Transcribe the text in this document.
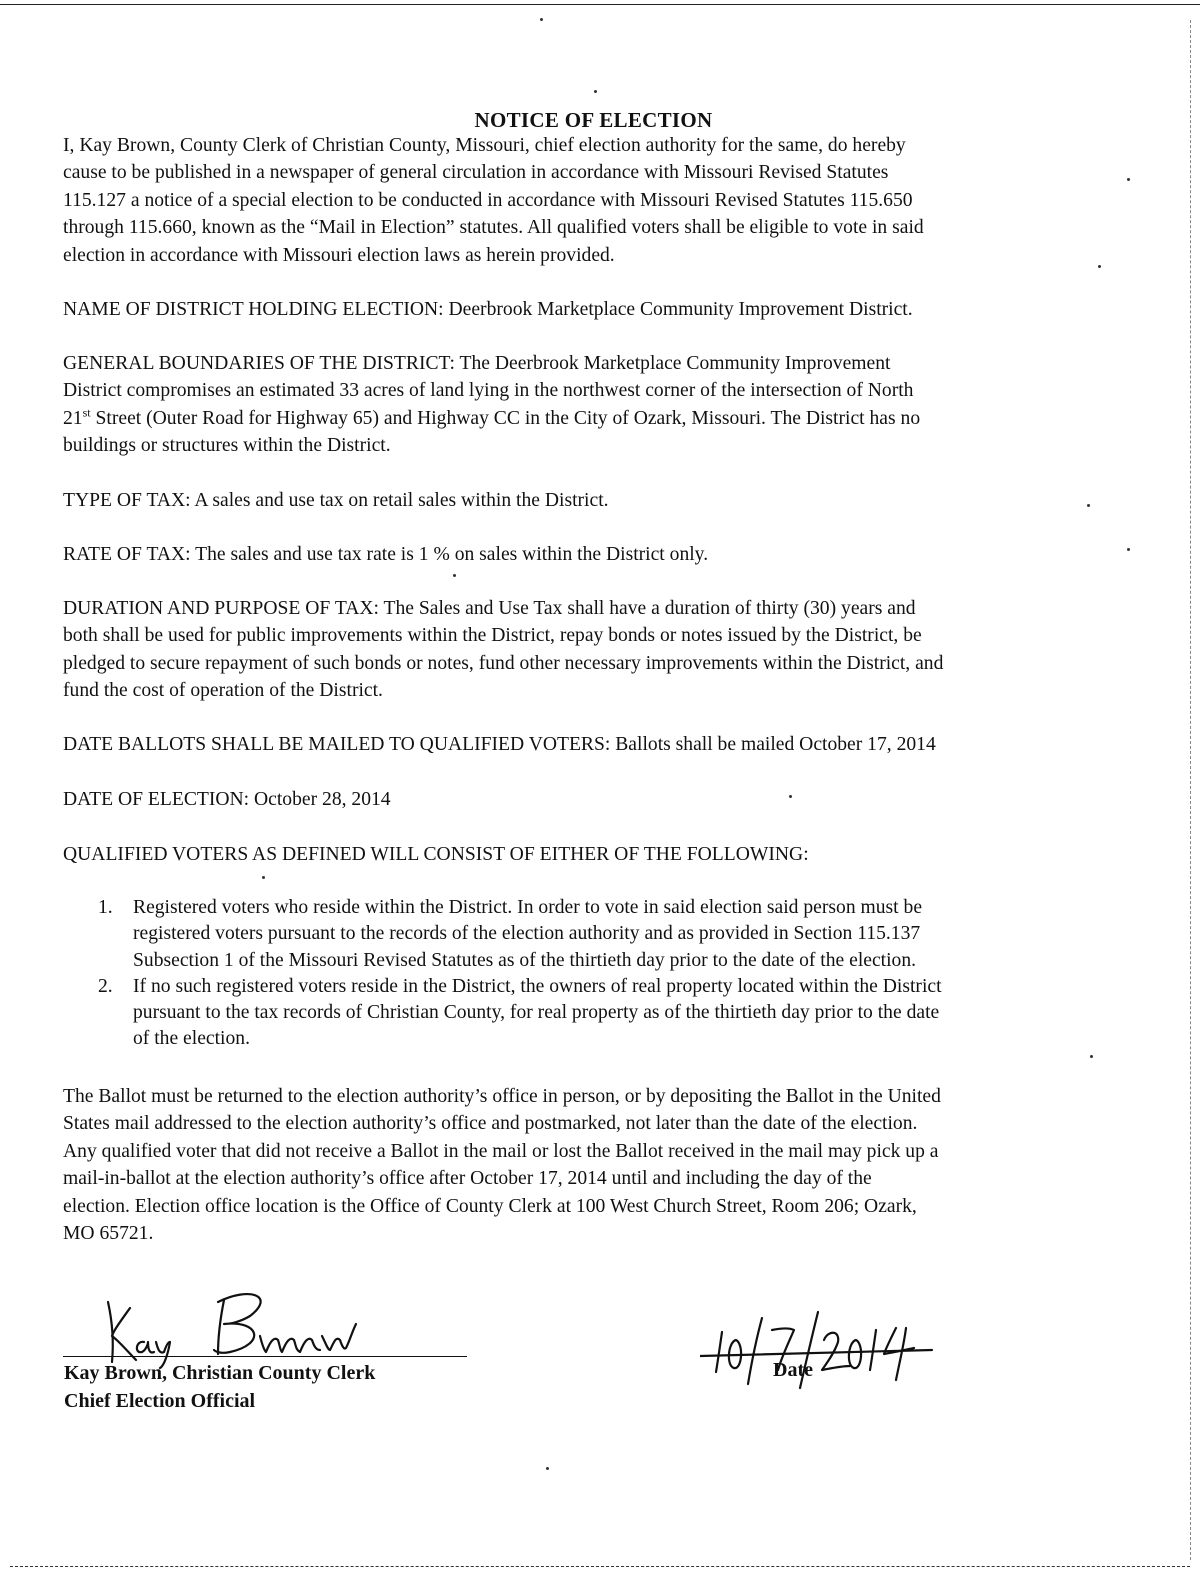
NOTICE OF ELECTION
I, Kay Brown, County Clerk of Christian County, Missouri, chief election authority for the same, do hereby
cause to be published in a newspaper of general circulation in accordance with Missouri Revised Statutes
115.127 a notice of a special election to be conducted in accordance with Missouri Revised Statutes 115.650
through 115.660, known as the “Mail in Election” statutes. All qualified voters shall be eligible to vote in said
election in accordance with Missouri election laws as herein provided.
NAME OF DISTRICT HOLDING ELECTION: Deerbrook Marketplace Community Improvement District.
GENERAL BOUNDARIES OF THE DISTRICT: The Deerbrook Marketplace Community Improvement
District compromises an estimated 33 acres of land lying in the northwest corner of the intersection of North
21st Street (Outer Road for Highway 65) and Highway CC in the City of Ozark, Missouri. The District has no
buildings or structures within the District.
TYPE OF TAX: A sales and use tax on retail sales within the District.
RATE OF TAX: The sales and use tax rate is 1 % on sales within the District only.
DURATION AND PURPOSE OF TAX: The Sales and Use Tax shall have a duration of thirty (30) years and
both shall be used for public improvements within the District, repay bonds or notes issued by the District, be
pledged to secure repayment of such bonds or notes, fund other necessary improvements within the District, and
fund the cost of operation of the District.
DATE BALLOTS SHALL BE MAILED TO QUALIFIED VOTERS: Ballots shall be mailed October 17, 2014
DATE OF ELECTION: October 28, 2014
QUALIFIED VOTERS AS DEFINED WILL CONSIST OF EITHER OF THE FOLLOWING:
1.	Registered voters who reside within the District. In order to vote in said election said person must be
registered voters pursuant to the records of the election authority and as provided in Section 115.137
Subsection 1 of the Missouri Revised Statutes as of the thirtieth day prior to the date of the election.
2.	If no such registered voters reside in the District, the owners of real property located within the District
pursuant to the tax records of Christian County, for real property as of the thirtieth day prior to the date
of the election.
The Ballot must be returned to the election authority’s office in person, or by depositing the Ballot in the United
States mail addressed to the election authority’s office and postmarked, not later than the date of the election.
Any qualified voter that did not receive a Ballot in the mail or lost the Ballot received in the mail may pick up a
mail-in-ballot at the election authority’s office after October 17, 2014 until and including the day of the
election. Election office location is the Office of County Clerk at 100 West Church Street, Room 206; Ozark,
MO 65721.
Kay Brown, Christian County Clerk
Chief Election Official
Date
